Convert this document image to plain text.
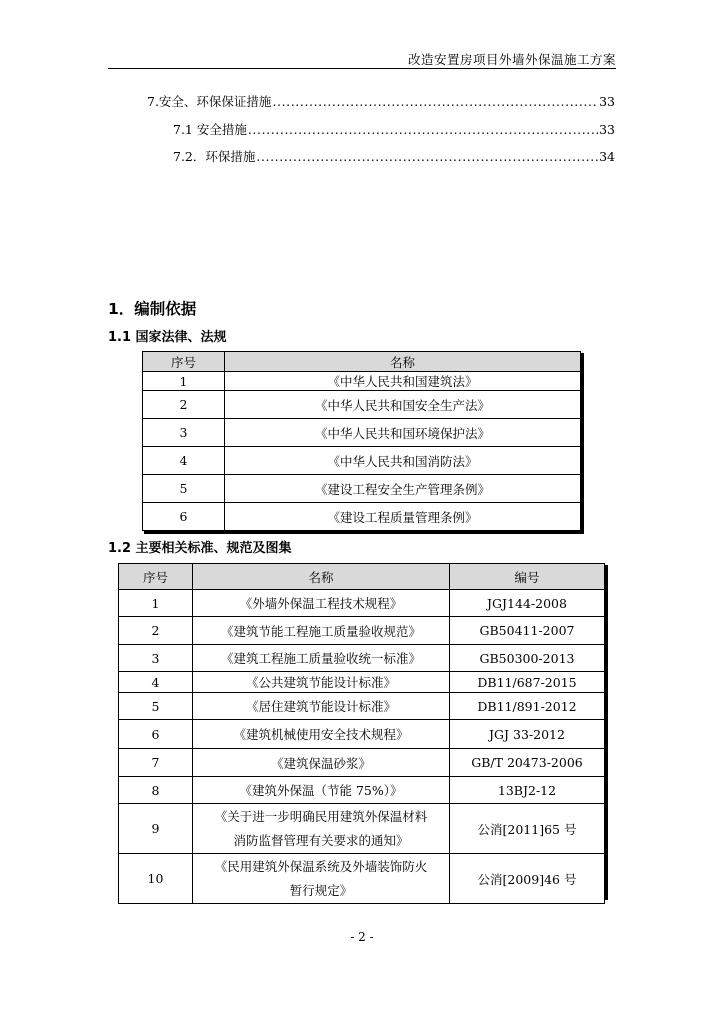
改造安置房项目外墙外保温施工方案
7.安全、环保保证措施 .....	33
7.1 安全措施 .....	33
7.2．环保措施 .....	34
1．编制依据
1.1 国家法律、法规
序号	名称
1	《中华人民共和国建筑法》
2	《中华人民共和国安全生产法》
3	《中华人民共和国环境保护法》
4	《中华人民共和国消防法》
5	《建设工程安全生产管理条例》
6	《建设工程质量管理条例》
1.2 主要相关标准、规范及图集
序号	名称	编号
1	《外墙外保温工程技术规程》	JGJ144-2008
2	《建筑节能工程施工质量验收规范》	GB50411-2007
3	《建筑工程施工质量验收统一标准》	GB50300-2013
4	《公共建筑节能设计标准》	DB11/687-2015
5	《居住建筑节能设计标准》	DB11/891-2012
6	《建筑机械使用安全技术规程》	JGJ 33-2012
7	《建筑保温砂浆》	GB/T 20473-2006
8	《建筑外保温（节能 75%）》	13BJ2-12
9	《关于进一步明确民用建筑外保温材料
消防监督管理有关要求的通知》	公消[2011]65 号
10	《民用建筑外保温系统及外墙装饰防火
暂行规定》	公消[2009]46 号
- 2 -
